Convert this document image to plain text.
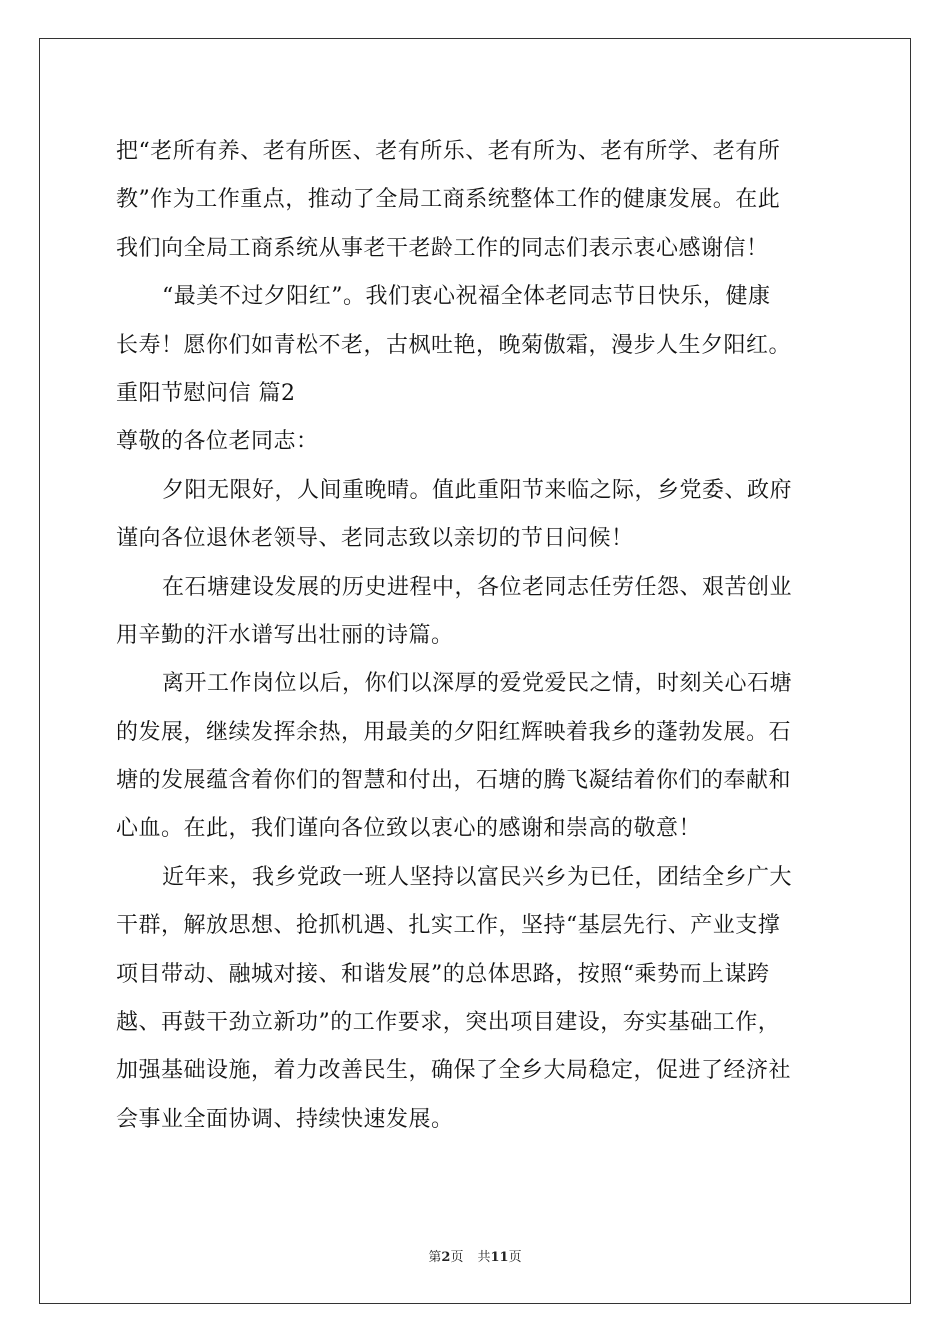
把“老所有养、老有所医、老有所乐、老有所为、老有所学、老有所
教”作为工作重点，推动了全局工商系统整体工作的健康发展。在此
我们向全局工商系统从事老干老龄工作的同志们表示衷心感谢信！
“最美不过夕阳红”。我们衷心祝福全体老同志节日快乐，健康
长寿！愿你们如青松不老，古枫吐艳，晚菊傲霜，漫步人生夕阳红。
重阳节慰问信 篇2
尊敬的各位老同志：
夕阳无限好，人间重晚晴。值此重阳节来临之际，乡党委、政府
谨向各位退休老领导、老同志致以亲切的节日问候！
在石塘建设发展的历史进程中，各位老同志任劳任怨、艰苦创业
用辛勤的汗水谱写出壮丽的诗篇。
离开工作岗位以后，你们以深厚的爱党爱民之情，时刻关心石塘
的发展，继续发挥余热，用最美的夕阳红辉映着我乡的蓬勃发展。石
塘的发展蕴含着你们的智慧和付出，石塘的腾飞凝结着你们的奉献和
心血。在此，我们谨向各位致以衷心的感谢和崇高的敬意！
近年来，我乡党政一班人坚持以富民兴乡为已任，团结全乡广大
干群，解放思想、抢抓机遇、扎实工作，坚持“基层先行、产业支撑
项目带动、融城对接、和谐发展”的总体思路，按照“乘势而上谋跨
越、再鼓干劲立新功”的工作要求，突出项目建设，夯实基础工作，
加强基础设施，着力改善民生，确保了全乡大局稳定，促进了经济社
会事业全面协调、持续快速发展。
第2页 共11页
